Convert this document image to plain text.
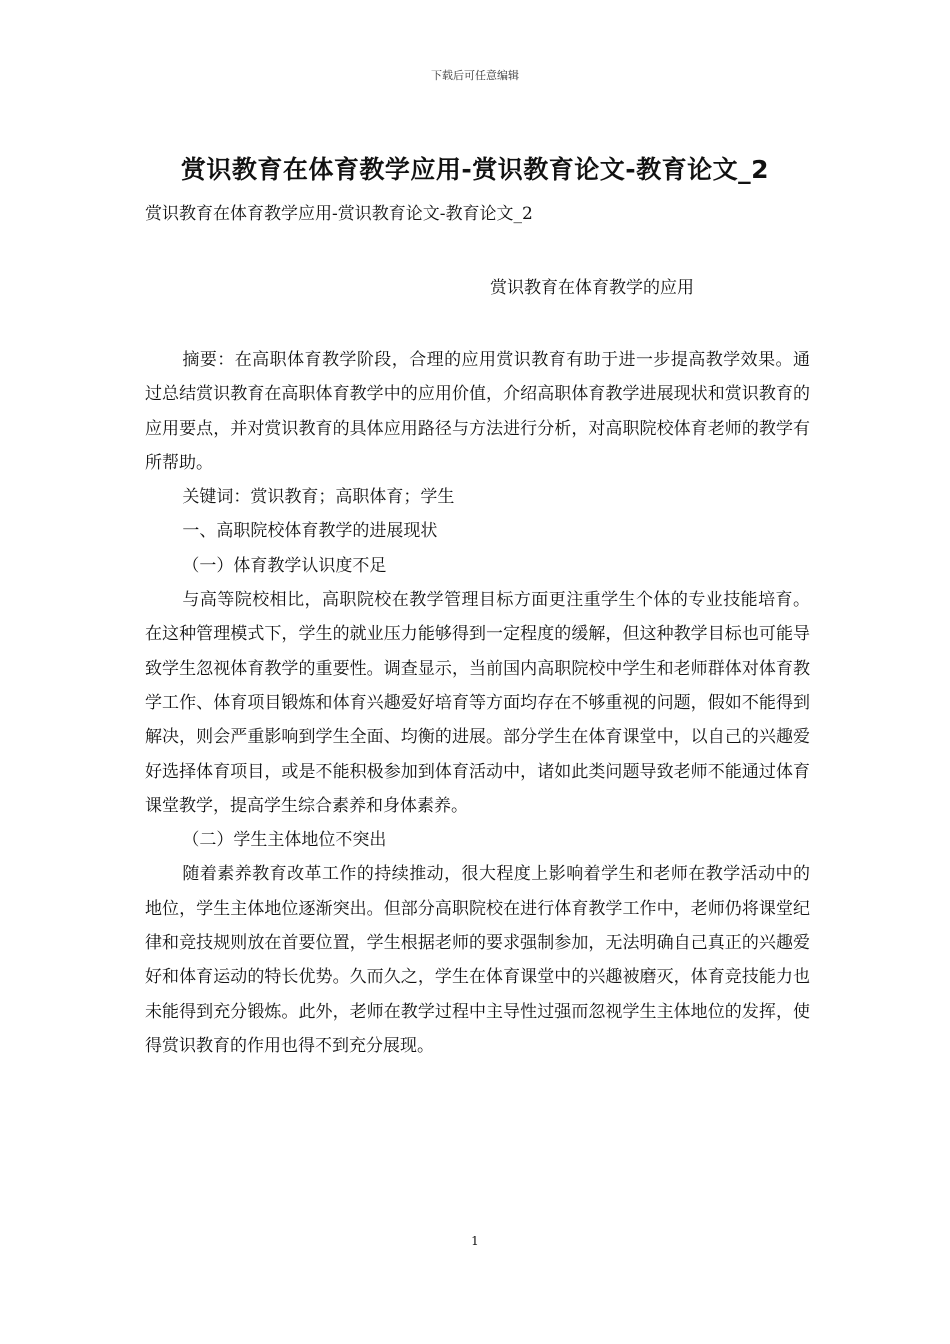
下载后可任意编辑
赏识教育在体育教学应用-赏识教育论文-教育论文_2
赏识教育在体育教学应用-赏识教育论文-教育论文_2
赏识教育在体育教学的应用

摘要：在高职体育教学阶段，合理的应用赏识教育有助于进一步提高教学效果。通过总结赏识教育在高职体育教学中的应用价值，介绍高职体育教学进展现状和赏识教育的应用要点，并对赏识教育的具体应用路径与方法进行分析，对高职院校体育老师的教学有所帮助。

关键词：赏识教育；高职体育；学生

一、高职院校体育教学的进展现状

（一）体育教学认识度不足

与高等院校相比，高职院校在教学管理目标方面更注重学生个体的专业技能培育。在这种管理模式下，学生的就业压力能够得到一定程度的缓解，但这种教学目标也可能导致学生忽视体育教学的重要性。调查显示，当前国内高职院校中学生和老师群体对体育教学工作、体育项目锻炼和体育兴趣爱好培育等方面均存在不够重视的问题，假如不能得到解决，则会严重影响到学生全面、均衡的进展。部分学生在体育课堂中，以自己的兴趣爱好选择体育项目，或是不能积极参加到体育活动中，诸如此类问题导致老师不能通过体育课堂教学，提高学生综合素养和身体素养。

（二）学生主体地位不突出

随着素养教育改革工作的持续推动，很大程度上影响着学生和老师在教学活动中的地位，学生主体地位逐渐突出。但部分高职院校在进行体育教学工作中，老师仍将课堂纪律和竞技规则放在首要位置，学生根据老师的要求强制参加，无法明确自己真正的兴趣爱好和体育运动的特长优势。久而久之，学生在体育课堂中的兴趣被磨灭，体育竞技能力也未能得到充分锻炼。此外，老师在教学过程中主导性过强而忽视学生主体地位的发挥，使得赏识教育的作用也得不到充分展现。

1
